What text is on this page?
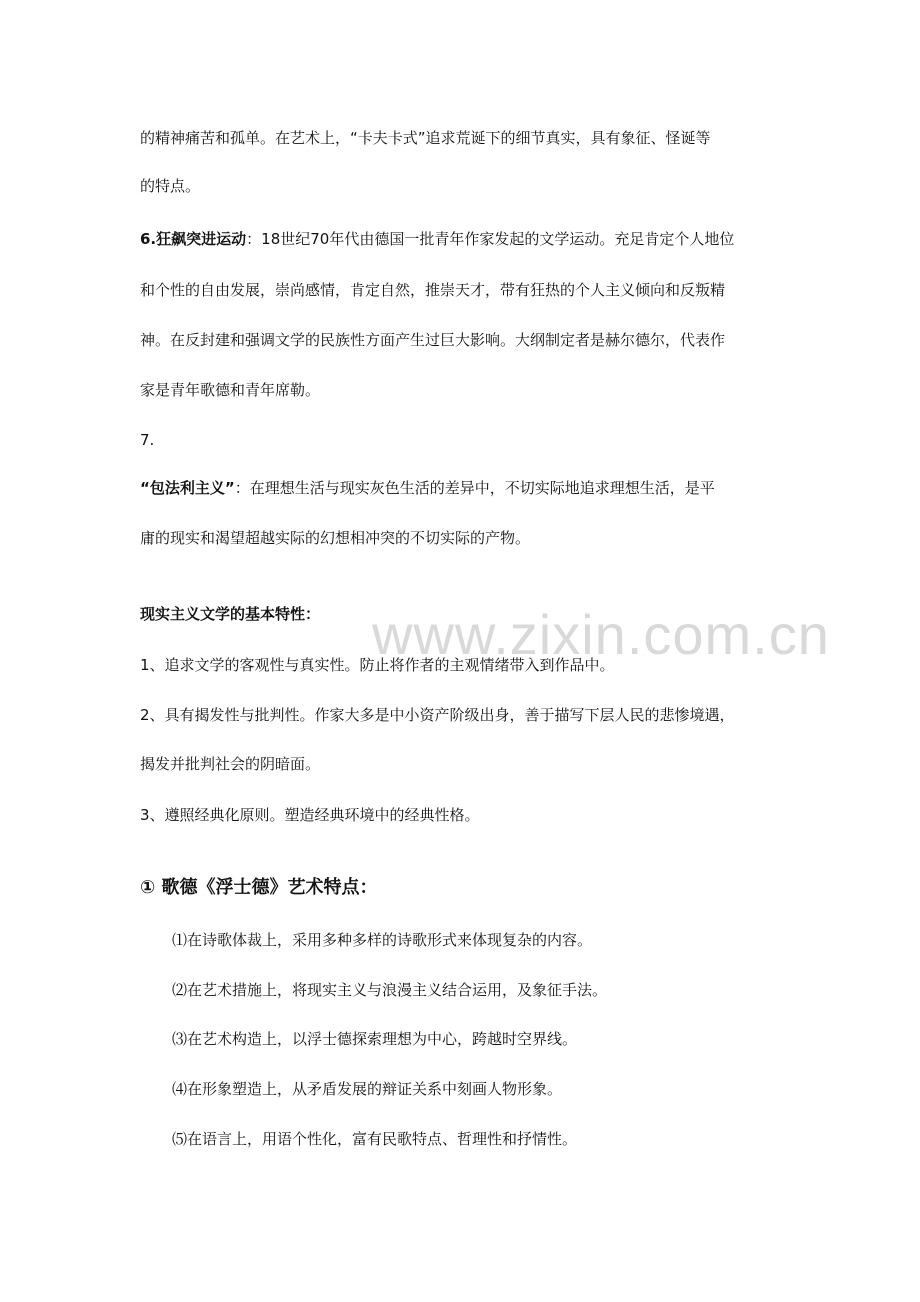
www.zixin.com.cn
的精神痛苦和孤单。在艺术上，“卡夫卡式”追求荒诞下的细节真实，具有象征、怪诞等
的特点。
6.狂飙突进运动：18世纪70年代由德国一批青年作家发起的文学运动。充足肯定个人地位
和个性的自由发展，崇尚感情，肯定自然，推崇天才，带有狂热的个人主义倾向和反叛精
神。在反封建和强调文学的民族性方面产生过巨大影响。大纲制定者是赫尔德尔，代表作
家是青年歌德和青年席勒。
7.
“包法利主义”：在理想生活与现实灰色生活的差异中，不切实际地追求理想生活，是平
庸的现实和渴望超越实际的幻想相冲突的不切实际的产物。
现实主义文学的基本特性：
1、追求文学的客观性与真实性。防止将作者的主观情绪带入到作品中。
2、具有揭发性与批判性。作家大多是中小资产阶级出身，善于描写下层人民的悲惨境遇，
揭发并批判社会的阴暗面。
3、遵照经典化原则。塑造经典环境中的经典性格。
① 歌德《浮士德》艺术特点：
⑴在诗歌体裁上，采用多种多样的诗歌形式来体现复杂的内容。
⑵在艺术措施上，将现实主义与浪漫主义结合运用，及象征手法。
⑶在艺术构造上，以浮士德探索理想为中心，跨越时空界线。
⑷在形象塑造上，从矛盾发展的辩证关系中刻画人物形象。
⑸在语言上，用语个性化，富有民歌特点、哲理性和抒情性。
